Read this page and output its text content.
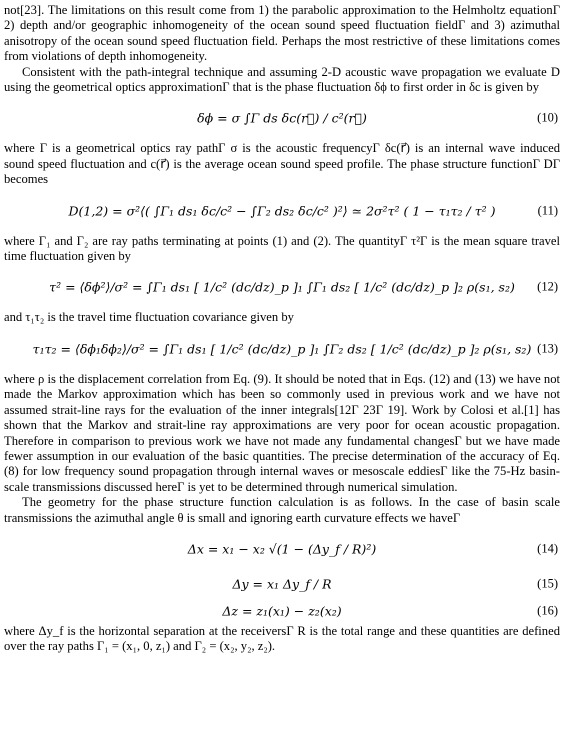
not[23]. The limitations on this result come from 1) the parabolic approximation to the Helmholtz equationΓ 2) depth and/or geographic inhomogeneity of the ocean sound speed fluctuation fieldΓ and 3) azimuthal anisotropy of the ocean sound speed fluctuation field. Perhaps the most restrictive of these limitations comes from violations of depth inhomogeneity.

Consistent with the path-integral technique and assuming 2-D acoustic wave propagation we evaluate D using the geometrical optics approximationΓ that is the phase fluctuation δϕ to first order in δc is given by

δϕ = σ ∫Γ ds δc(r⃗) / c²(r⃗)	(10)

where Γ is a geometrical optics ray pathΓ σ is the acoustic frequencyΓ δc(r⃗) is an internal wave induced sound speed fluctuation and c(r⃗) is the average ocean sound speed profile. The phase structure functionΓ DΓ becomes

D(1,2) = σ²⟨( ∫Γ₁ ds₁ δc/c² − ∫Γ₂ ds₂ δc/c² )²⟩ ≃ 2σ²τ² ( 1 − τ₁τ₂ / τ² )	(11)

where Γ₁ and Γ₂ are ray paths terminating at points (1) and (2). The quantityΓ τ²Γ is the mean square travel time fluctuation given by

τ² = ⟨δϕ²⟩/σ² = ∫Γ₁ ds₁ [ 1/c² (dc/dz)_p ]₁ ∫Γ₁ ds₂ [ 1/c² (dc/dz)_p ]₂ ρ(s₁, s₂) (12)

and τ₁τ₂ is the travel time fluctuation covariance given by

τ₁τ₂ = ⟨δϕ₁δϕ₂⟩/σ² = ∫Γ₁ ds₁ [ 1/c² (dc/dz)_p ]₁ ∫Γ₂ ds₂ [ 1/c² (dc/dz)_p ]₂ ρ(s₁, s₂) (13)

where ρ is the displacement correlation from Eq. (9). It should be noted that in Eqs. (12) and (13) we have not made the Markov approximation which has been so commonly used in previous work and we have not assumed strait-line rays for the evaluation of the inner integrals[12Γ 23Γ 19]. Work by Colosi et al.[1] has shown that the Markov and strait-line ray approximations are very poor for ocean acoustic propagation. Therefore in comparison to previous work we have not made any fundamental changesΓ but we have made fewer assumption in our evaluation of the basic quantities. The precise determination of the accuracy of Eq. (8) for low frequency sound propagation through internal waves or mesoscale eddiesΓ like the 75-Hz basin-scale transmissions discussed hereΓ is yet to be determined through numerical simulation.

The geometry for the phase structure function calculation is as follows. In the case of basin scale transmissions the azimuthal angle θ is small and ignoring earth curvature effects we haveΓ

Δx = x₁ − x₂ √(1 − (Δy_f / R)²)	(14)
Δy = x₁ Δy_f / R	(15)
Δz = z₁(x₁) − z₂(x₂)	(16)

where Δy_f is the horizontal separation at the receiversΓ R is the total range and these quantities are defined over the ray paths Γ₁ = (x₁, 0, z₁) and Γ₂ = (x₂, y₂, z₂).
